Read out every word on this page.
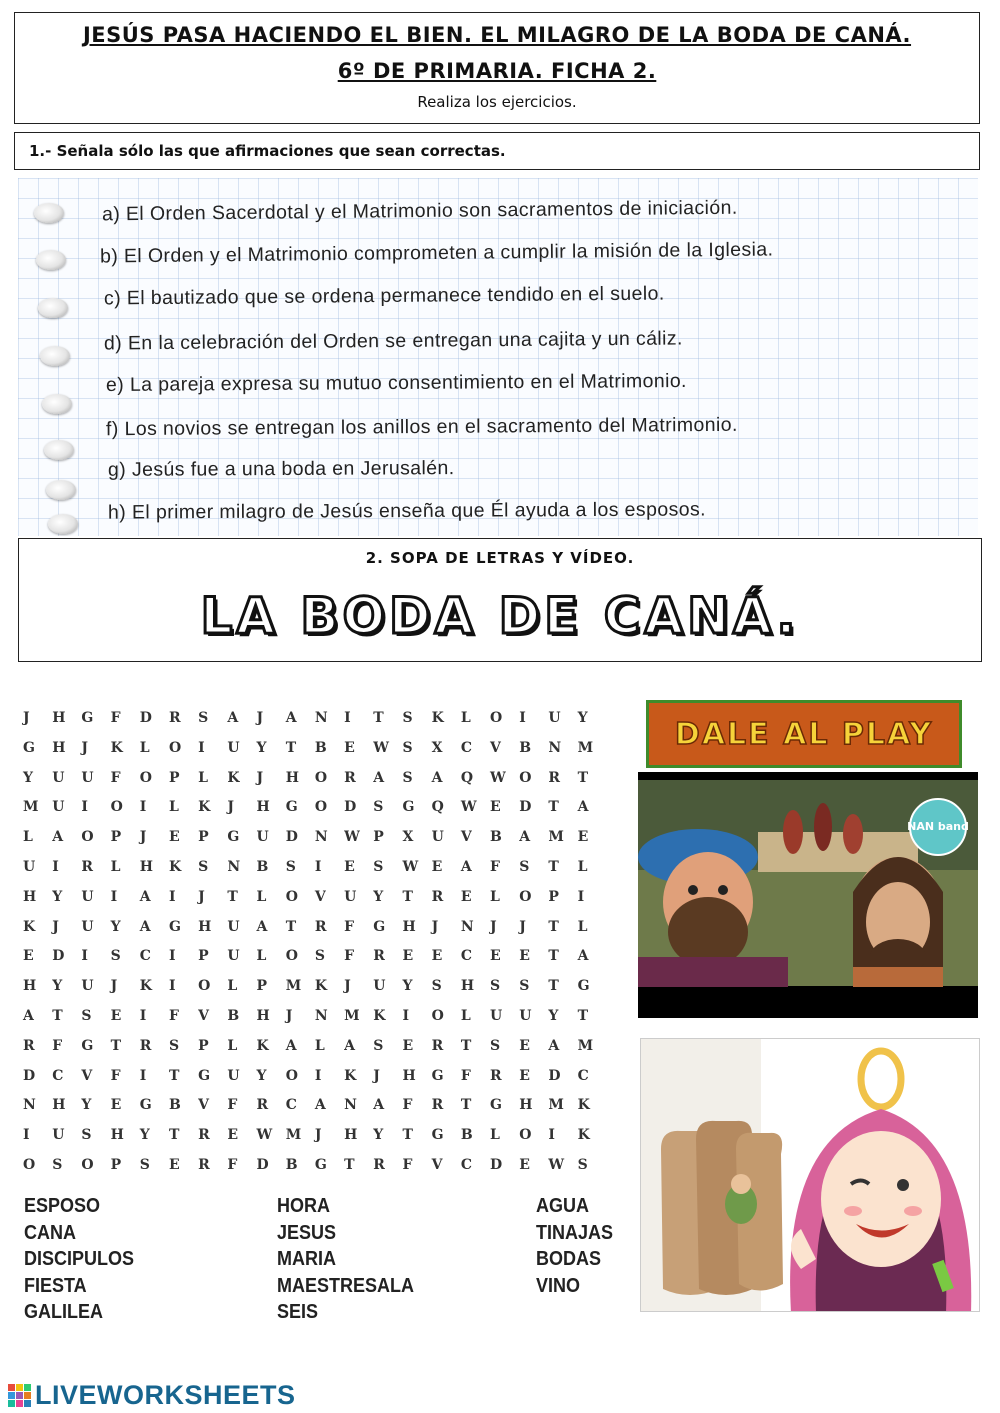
JESÚS PASA HACIENDO EL BIEN. EL MILAGRO DE LA BODA DE CANÁ.
6º DE PRIMARIA. FICHA 2.
Realiza los ejercicios.
1.- Señala sólo las que afirmaciones que sean correctas.
a) El Orden Sacerdotal y el Matrimonio son sacramentos de iniciación.
b) El Orden y el Matrimonio comprometen a cumplir la misión de la Iglesia.
c) El bautizado que se ordena permanece tendido en el suelo.
d) En la celebración del Orden se entregan una cajita y un cáliz.
e) La pareja expresa su mutuo consentimiento en el Matrimonio.
f) Los novios se entregan los anillos en el sacramento del Matrimonio.
g) Jesús fue a una boda en Jerusalén.
h) El primer milagro de Jesús enseña que Él ayuda a los esposos.
2. SOPA DE LETRAS Y VÍDEO.
LA BODA DE CANÁ.
J	H	G	F	D	R	S	A	J	A	N	I	T	S	K	L	O	I	U	Y
G	H	J	K	L	O	I	U	Y	T	B	E	W S	X	C	V	B	N	M
Y	U	U	F	O	P	L	K	J	H	O	R	A	S	A	Q	W O	R	T
M U	I	O	I	L	K	J	H	G	O	D	S	G	Q	W E	D	T	A
L	A	O	P	J	E	P	G	U	D	N	W P	X	U	V	B	A	M E
U	I	R	L	H	K	S	N	B	S	I	E	S	W E	A	F	S	T	L
H	Y	U	I	A	I	J	T	L	O	V	U	Y	T	R	E	L	O	P	I
K	J	U	Y	A	G	H	U	A	T	R	F	G	H	J	N	J	J	T	L
E	D	I	S	C	I	P	U	L	O	S	F	R	E	E	C	E	E	T	A
H	Y	U	J	K	I	O	L	P	M K	J	U	Y	S	H	S	S	T	G
A	T	S	E	I	F	V	B	H	J	N	M K	I	O	L	U	U	Y	T
R	F	G	T	R	S	P	L	K	A	L	A	S	E	R	T	S	E	A	M
D	C	V	F	I	T	G	U	Y	O	I	K	J	H	G	F	R	E	D	C
N	H	Y	E	G	B	V	F	R	C	A	N	A	F	R	T	G	H	M K
I	U	S	H	Y	T	R	E	W M J	H	Y	T	G	B	L	O	I	K
O	S	O	P	S	E	R	F	D	B	G	T	R	F	V	C	D	E	W S
ESPOSO
CANA
DISCIPULOS
FIESTA
GALILEA
HORA
JESUS
MARIA
MAESTRESALA
SEIS
AGUA
TINAJAS
BODAS
VINO
DALE AL PLAY
NAN band
LIVEWORKSHEETS
